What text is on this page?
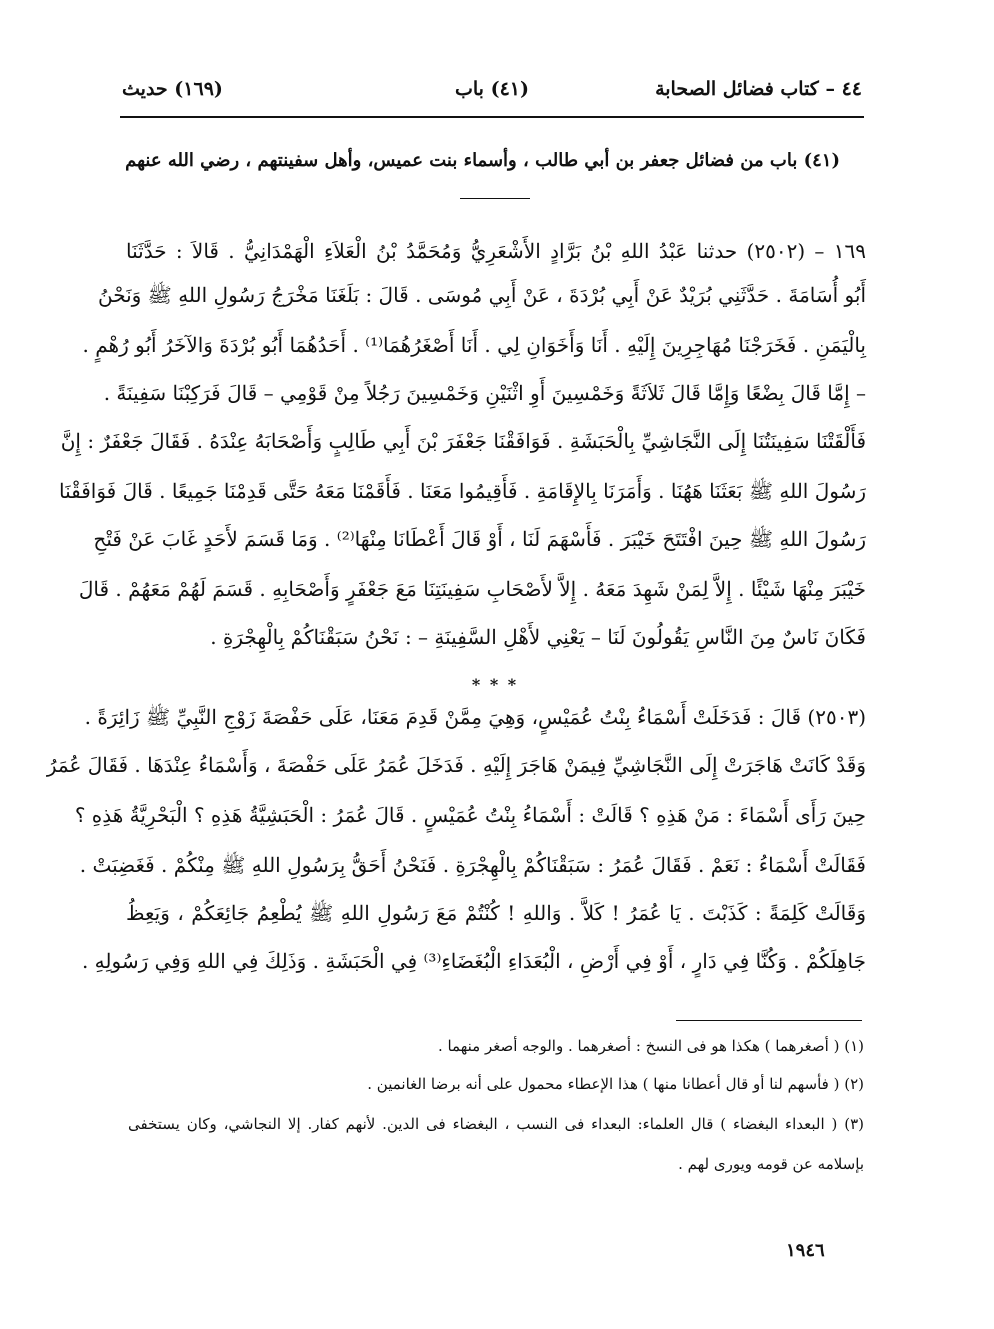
٤٤ – كتاب فضائل الصحابة
(٤١) باب
(١٦٩) حديث
(٤١) باب من فضائل جعفر بن أبي طالب ، وأسماء بنت عميس، وأهل سفينتهم ، رضي الله عنهم
١٦٩ – (٢٥٠٢) حدثنا عَبْدُ اللهِ بْنُ بَرَّادٍ الأَشْعَرِيُّ وَمُحَمَّدُ بْنُ الْعَلاَءِ الْهَمْدَانِيُّ . قَالاَ : حَدَّثَنَا
أَبُو أُسَامَةَ . حَدَّثَنِي بُرَيْدٌ عَنْ أَبِي بُرْدَةَ ، عَنْ أَبِي مُوسَى . قَالَ : بَلَغَنَا مَخْرَجُ رَسُولِ اللهِ ﷺ وَنَحْنُ
بِالْيَمَنِ . فَخَرَجْنَا مُهَاجِرِينَ إِلَيْهِ . أَنَا وَأَخَوَانِ لِي . أَنَا أَصْغَرُهُمَا⁽¹⁾ . أَحَدُهُمَا أَبُو بُرْدَةَ وَالآخَرُ أَبُو رُهْمٍ .
– إِمَّا قَالَ بِضْعًا وَإِمَّا قَالَ ثَلاَثَةً وَخَمْسِينَ أَوِ اثْنَيْنِ وَخَمْسِينَ رَجُلاً مِنْ قَوْمِي – قَالَ فَرَكِبْنَا سَفِينَةً .
فَأَلْقَتْنَا سَفِينَتُنَا إِلَى النَّجَاشِيِّ بِالْحَبَشَةِ . فَوَافَقْنَا جَعْفَرَ بْنَ أَبِي طَالِبٍ وَأَصْحَابَهُ عِنْدَهُ . فَقَالَ جَعْفَرٌ : إِنَّ
رَسُولَ اللهِ ﷺ بَعَثَنَا هَهُنَا . وَأَمَرَنَا بِالإِقَامَةِ . فَأَقِيمُوا مَعَنَا . فَأَقَمْنَا مَعَهُ حَتَّى قَدِمْنَا جَمِيعًا . قَالَ فَوَافَقْنَا
رَسُولَ اللهِ ﷺ حِينَ افْتَتَحَ خَيْبَرَ . فَأَسْهَمَ لَنَا ، أَوْ قَالَ أَعْطَانَا مِنْهَا⁽²⁾ . وَمَا قَسَمَ لأَحَدٍ غَابَ عَنْ فَتْحِ
خَيْبَرَ مِنْهَا شَيْئًا . إِلاَّ لِمَنْ شَهِدَ مَعَهُ . إِلاَّ لأَصْحَابِ سَفِينَتِنَا مَعَ جَعْفَرٍ وَأَصْحَابِهِ . قَسَمَ لَهُمْ مَعَهُمْ . قَالَ
فَكَانَ نَاسٌ مِنَ النَّاسِ يَقُولُونَ لَنَا – يَعْنِي لأَهْلِ السَّفِينَةِ – : نَحْنُ سَبَقْنَاكُمْ بِالْهِجْرَةِ .
* * *
(٢٥٠٣) قَالَ : فَدَخَلَتْ أَسْمَاءُ بِنْتُ عُمَيْسٍ، وَهِيَ مِمَّنْ قَدِمَ مَعَنَا، عَلَى حَفْصَةَ زَوْجِ النَّبِيِّ ﷺ زَائِرَةً .
وَقَدْ كَانَتْ هَاجَرَتْ إِلَى النَّجَاشِيِّ فِيمَنْ هَاجَرَ إِلَيْهِ . فَدَخَلَ عُمَرُ عَلَى حَفْصَةَ ، وَأَسْمَاءُ عِنْدَهَا . فَقَالَ عُمَرُ
حِينَ رَأَى أَسْمَاءَ : مَنْ هَذِهِ ؟ قَالَتْ : أَسْمَاءُ بِنْتُ عُمَيْسٍ . قَالَ عُمَرُ : الْحَبَشِيَّةُ هَذِهِ ؟ الْبَحْرِيَّةُ هَذِهِ ؟
فَقَالَتْ أَسْمَاءُ : نَعَمْ . فَقَالَ عُمَرُ : سَبَقْنَاكُمْ بِالْهِجْرَةِ . فَنَحْنُ أَحَقُّ بِرَسُولِ اللهِ ﷺ مِنْكُمْ . فَغَضِبَتْ .
وَقَالَتْ كَلِمَةً : كَذَبْتَ . يَا عُمَرُ ! كَلاَّ . وَاللهِ ! كُنْتُمْ مَعَ رَسُولِ اللهِ ﷺ يُطْعِمُ جَائِعَكُمْ ، وَيَعِظُ
جَاهِلَكُمْ . وَكُنَّا فِي دَارٍ ، أَوْ فِي أَرْضِ ، الْبُعَدَاءِ الْبُغَضَاءِ⁽³⁾ فِي الْحَبَشَةِ . وَذَلِكَ فِي اللهِ وَفِي رَسُولِهِ .
(١) ( أصغرهما ) هكذا هو فى النسخ : أصغرهما . والوجه أصغر منهما .
(٢) ( فأسهم لنا أو قال أعطانا منها ) هذا الإعطاء محمول على أنه برضا الغانمين .
(٣) ( البعداء البغضاء ) قال العلماء: البعداء فى النسب ، البغضاء فى الدين. لأنهم كفار. إلا النجاشي، وكان يستخفى
بإسلامه عن قومه ويورى لهم .
١٩٤٦
